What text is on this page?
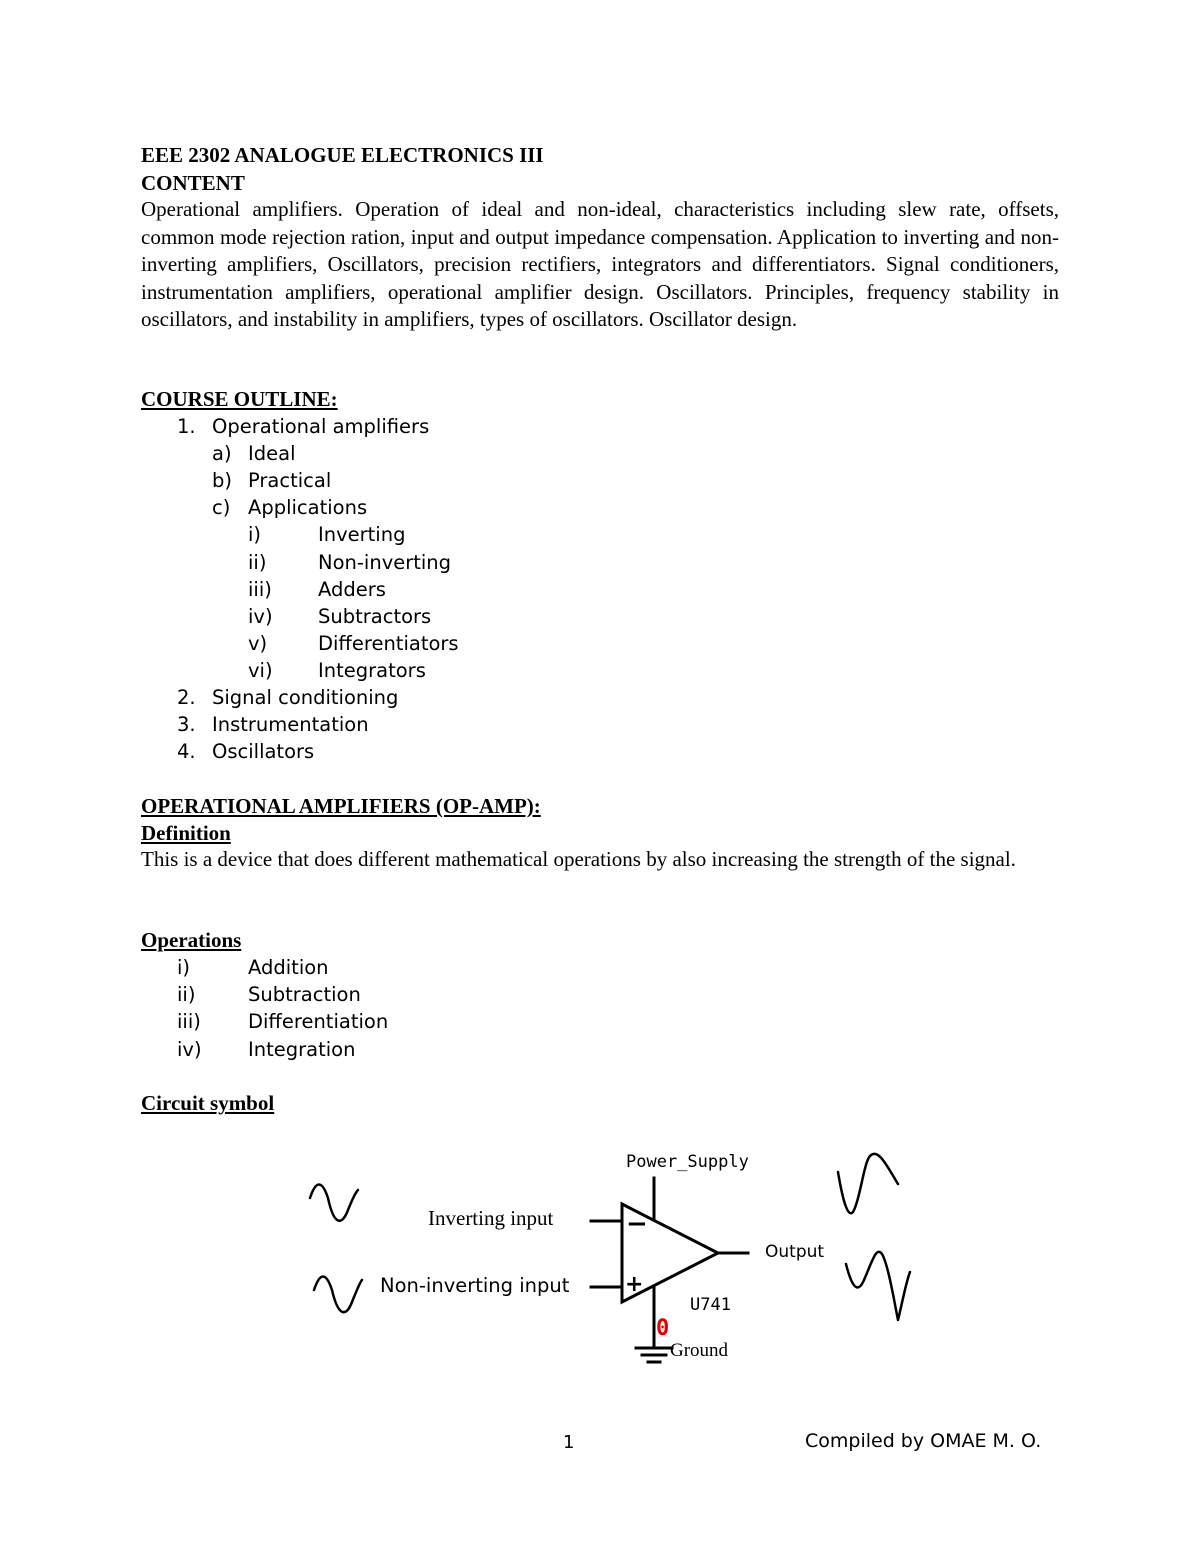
EEE 2302 ANALOGUE ELECTRONICS III
CONTENT

Operational amplifiers. Operation of ideal and non-ideal, characteristics including slew rate, offsets, common mode rejection ration, input and output impedance compensation. Application to inverting and non-inverting amplifiers, Oscillators, precision rectifiers, integrators and differentiators. Signal conditioners, instrumentation amplifiers, operational amplifier design. Oscillators. Principles, frequency stability in oscillators, and instability in amplifiers, types of oscillators. Oscillator design.

COURSE OUTLINE:
1. Operational amplifiers
a) Ideal
b) Practical
c) Applications
i)	Inverting
ii)	Non-inverting
iii) Adders
iv) Subtractors
v)	Differentiators
vi) Integrators
2. Signal conditioning
3. Instrumentation
4. Oscillators
OPERATIONAL AMPLIFIERS (OP-AMP):
Definition

This is a device that does different mathematical operations by also increasing the strength of the signal.

Operations
i)	Addition
ii)	Subtraction
iii) Differentiation
iv) Integration
Circuit symbol
−
+
Power_Supply
Inverting input
Non-inverting input
Output
U741
0
Ground
1	Compiled by OMAE M. O.
